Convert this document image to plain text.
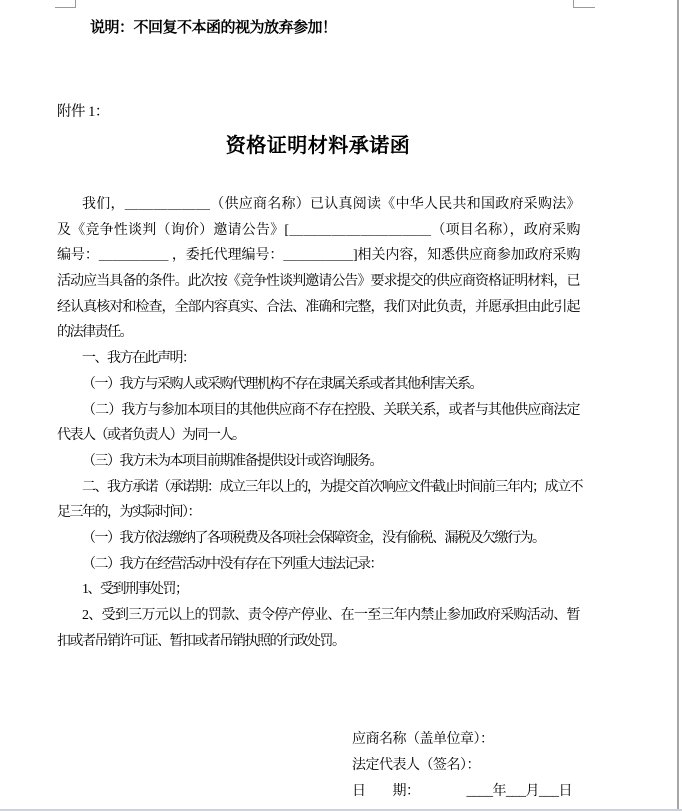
说明：不回复不本函的视为放弃参加！
附件 1：
资格证明材料承诺函
我们，＿＿＿＿＿＿（供应商名称）已认真阅读《中华人民共和国政府采购法》
及《竞争性谈判（询价）邀请公告》[＿＿＿＿＿＿＿＿＿＿（项目名称），政府采购
编号：＿＿＿＿＿ ，委托代理编号：＿＿＿＿＿]相关内容，知悉供应商参加政府采购
活动应当具备的条件。此次按《竞争性谈判邀请公告》要求提交的供应商资格证明材料，已
经认真核对和检查，全部内容真实、合法、准确和完整，我们对此负责，并愿承担由此引起
的法律责任。
一、我方在此声明：
（一）我方与采购人或采购代理机构不存在隶属关系或者其他利害关系。
（二）我方与参加本项目的其他供应商不存在控股、关联关系，或者与其他供应商法定
代表人（或者负责人）为同一人。
（三）我方未为本项目前期准备提供设计或咨询服务。
二、我方承诺（承诺期：成立三年以上的，为提交首次响应文件截止时间前三年内；成立不
足三年的，为实际时间）：
（一）我方依法缴纳了各项税费及各项社会保障资金，没有偷税、漏税及欠缴行为。
（二）我方在经营活动中没有存在下列重大违法记录：
1、受到刑事处罚；
2、受到三万元以上的罚款、责令停产停业、在一至三年内禁止参加政府采购活动、暂
扣或者吊销许可证、暂扣或者吊销执照的行政处罚。
应商名称（盖单位章）：
法定代表人（签名）：
日　　期：　　　　____年___月___日
